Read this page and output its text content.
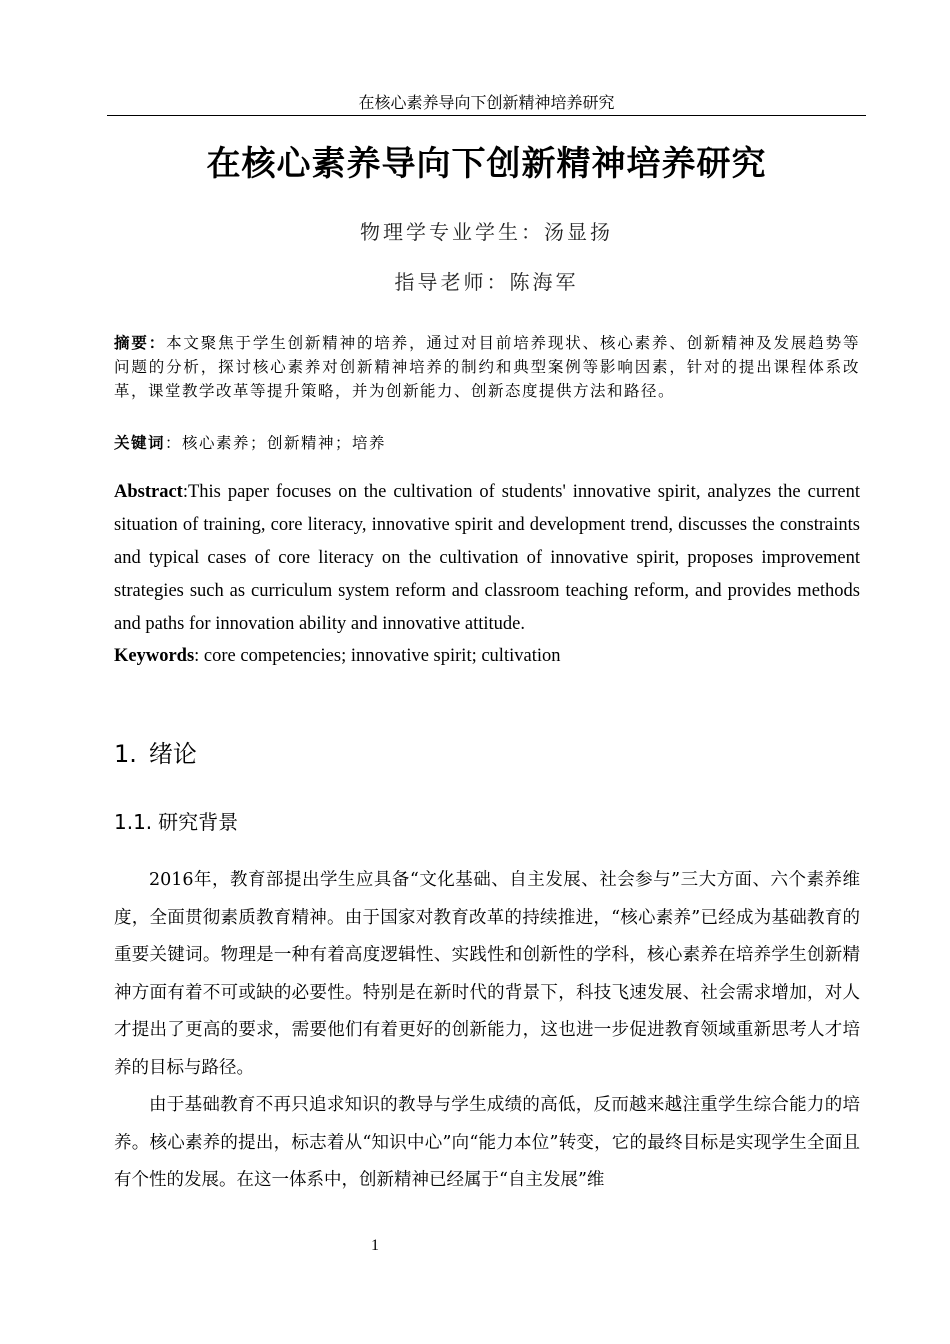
在核心素养导向下创新精神培养研究
在核心素养导向下创新精神培养研究
物理学专业学生：汤显扬
指导老师：陈海军
摘要：本文聚焦于学生创新精神的培养，通过对目前培养现状、核心素养、创新精神及发展趋势等问题的分析，探讨核心素养对创新精神培养的制约和典型案例等影响因素，针对的提出课程体系改革，课堂教学改革等提升策略，并为创新能力、创新态度提供方法和路径。
关键词：核心素养；创新精神；培养
Abstract:This paper focuses on the cultivation of students' innovative spirit, analyzes the current situation of training, core literacy, innovative spirit and development trend, discusses the constraints and typical cases of core literacy on the cultivation of innovative spirit, proposes improvement strategies such as curriculum system reform and classroom teaching reform, and provides methods and paths for innovation ability and innovative attitude.
Keywords: core competencies; innovative spirit; cultivation
1. 绪论
1.1. 研究背景

2016年，教育部提出学生应具备“文化基础、自主发展、社会参与”三大方面、六个素养维度，全面贯彻素质教育精神。由于国家对教育改革的持续推进，“核心素养”已经成为基础教育的重要关键词。物理是一种有着高度逻辑性、实践性和创新性的学科，核心素养在培养学生创新精神方面有着不可或缺的必要性。特别是在新时代的背景下，科技飞速发展、社会需求增加，对人才提出了更高的要求，需要他们有着更好的创新能力，这也进一步促进教育领域重新思考人才培养的目标与路径。

由于基础教育不再只追求知识的教导与学生成绩的高低，反而越来越注重学生综合能力的培养。核心素养的提出，标志着从“知识中心”向“能力本位”转变，它的最终目标是实现学生全面且有个性的发展。在这一体系中，创新精神已经属于“自主发展”维

1
